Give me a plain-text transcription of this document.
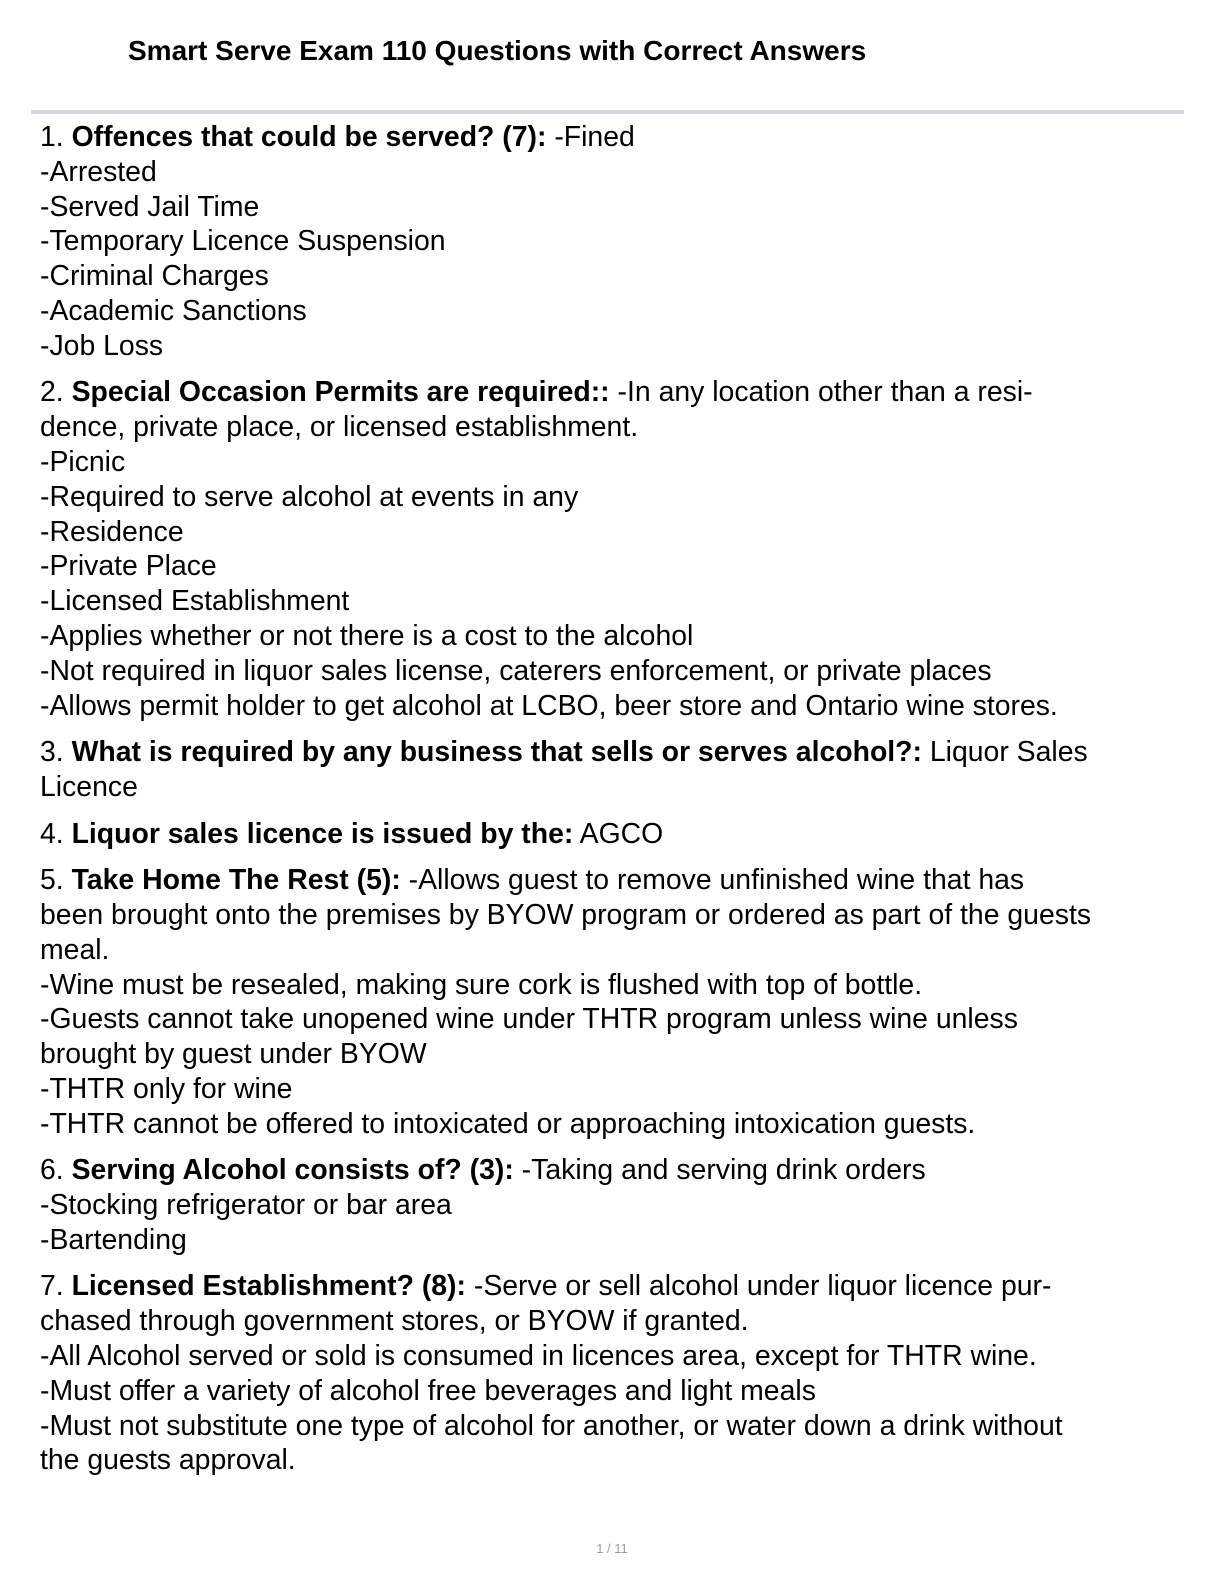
Smart Serve Exam 110 Questions with Correct Answers
1. Offences that could be served? (7): -Fined
-Arrested
-Served Jail Time
-Temporary Licence Suspension
-Criminal Charges
-Academic Sanctions
-Job Loss
2. Special Occasion Permits are required:: -In any location other than a resi-
dence, private place, or licensed establishment.
-Picnic
-Required to serve alcohol at events in any
-Residence
-Private Place
-Licensed Establishment
-Applies whether or not there is a cost to the alcohol
-Not required in liquor sales license, caterers enforcement, or private places
-Allows permit holder to get alcohol at LCBO, beer store and Ontario wine stores.
3. What is required by any business that sells or serves alcohol?: Liquor Sales
Licence
4. Liquor sales licence is issued by the: AGCO
5. Take Home The Rest (5): -Allows guest to remove unfinished wine that has
been brought onto the premises by BYOW program or ordered as part of the guests
meal.
-Wine must be resealed, making sure cork is flushed with top of bottle.
-Guests cannot take unopened wine under THTR program unless wine unless
brought by guest under BYOW
-THTR only for wine
-THTR cannot be offered to intoxicated or approaching intoxication guests.
6. Serving Alcohol consists of? (3): -Taking and serving drink orders
-Stocking refrigerator or bar area
-Bartending
7. Licensed Establishment? (8): -Serve or sell alcohol under liquor licence pur-
chased through government stores, or BYOW if granted.
-All Alcohol served or sold is consumed in licences area, except for THTR wine.
-Must offer a variety of alcohol free beverages and light meals
-Must not substitute one type of alcohol for another, or water down a drink without
the guests approval.
1 / 11
